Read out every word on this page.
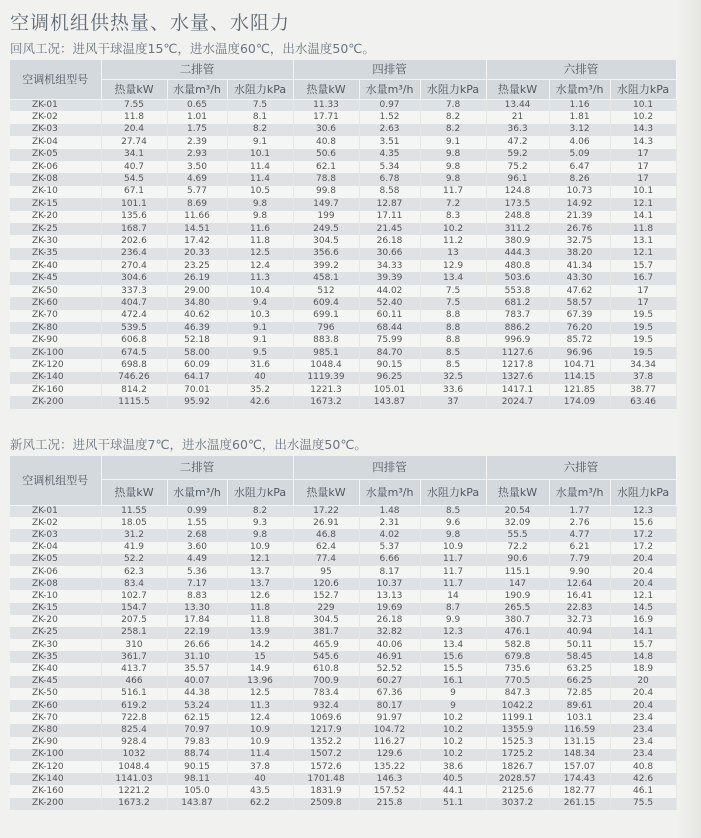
空调机组供热量、水量、水阻力
回风工况：进风干球温度15℃，进水温度60℃，出水温度50℃。
空调机组型号	二排管			四排管			六排管		
	热量kW	水量m³/h	水阻力kPa	热量kW	水量m³/h	水阻力kPa	热量kW	水量m³/h	水阻力kPa
ZK-01	7.55	0.65	7.5	11.33	0.97	7.8	13.44	1.16	10.1
ZK-02	11.8	1.01	8.1	17.71	1.52	8.2	21	1.81	10.2
ZK-03	20.4	1.75	8.2	30.6	2.63	8.2	36.3	3.12	14.3
ZK-04	27.74	2.39	9.1	40.8	3.51	9.1	47.2	4.06	14.3
ZK-05	34.1	2.93	10.1	50.6	4.35	9.8	59.2	5.09	17
ZK-06	40.7	3.50	11.4	62.1	5.34	9.8	75.2	6.47	17
ZK-08	54.5	4.69	11.4	78.8	6.78	9.8	96.1	8.26	17
ZK-10	67.1	5.77	10.5	99.8	8.58	11.7	124.8	10.73	10.1
ZK-15	101.1	8.69	9.8	149.7	12.87	7.2	173.5	14.92	12.1
ZK-20	135.6	11.66	9.8	199	17.11	8.3	248.8	21.39	14.1
ZK-25	168.7	14.51	11.6	249.5	21.45	10.2	311.2	26.76	11.8
ZK-30	202.6	17.42	11.8	304.5	26.18	11.2	380.9	32.75	13.1
ZK-35	236.4	20.33	12.5	356.6	30.66	13	444.3	38.20	12.1
ZK-40	270.4	23.25	12.4	399.2	34.33	12.9	480.8	41.34	15.7
ZK-45	304.6	26.19	11.3	458.1	39.39	13.4	503.6	43.30	16.7
ZK-50	337.3	29.00	10.4	512	44.02	7.5	553.8	47.62	17
ZK-60	404.7	34.80	9.4	609.4	52.40	7.5	681.2	58.57	17
ZK-70	472.4	40.62	10.3	699.1	60.11	8.8	783.7	67.39	19.5
ZK-80	539.5	46.39	9.1	796	68.44	8.8	886.2	76.20	19.5
ZK-90	606.8	52.18	9.1	883.8	75.99	8.8	996.9	85.72	19.5
ZK-100	674.5	58.00	9.5	985.1	84.70	8.5	1127.6	96.96	19.5
ZK-120	698.8	60.09	31.6	1048.4	90.15	8.5	1217.8	104.71	34.34
ZK-140	746.26	64.17	40	1119.39	96.25	32.5	1327.6	114.15	37.8
ZK-160	814.2	70.01	35.2	1221.3	105.01	33.6	1417.1	121.85	38.77
ZK-200	1115.5	95.92	42.6	1673.2	143.87	37	2024.7	174.09	63.46
新风工况：进风干球温度7℃，进水温度60℃，出水温度50℃。
空调机组型号	二排管			四排管			六排管		
	热量kW	水量m³/h	水阻力kPa	热量kW	水量m³/h	水阻力kPa	热量kW	水量m³/h	水阻力kPa
ZK-01	11.55	0.99	8.2	17.22	1.48	8.5	20.54	1.77	12.3
ZK-02	18.05	1.55	9.3	26.91	2.31	9.6	32.09	2.76	15.6
ZK-03	31.2	2.68	9.8	46.8	4.02	9.8	55.5	4.77	17.2
ZK-04	41.9	3.60	10.9	62.4	5.37	10.9	72.2	6.21	17.2
ZK-05	52.2	4.49	12.1	77.4	6.66	11.7	90.6	7.79	20.4
ZK-06	62.3	5.36	13.7	95	8.17	11.7	115.1	9.90	20.4
ZK-08	83.4	7.17	13.7	120.6	10.37	11.7	147	12.64	20.4
ZK-10	102.7	8.83	12.6	152.7	13.13	14	190.9	16.41	12.1
ZK-15	154.7	13.30	11.8	229	19.69	8.7	265.5	22.83	14.5
ZK-20	207.5	17.84	11.8	304.5	26.18	9.9	380.7	32.73	16.9
ZK-25	258.1	22.19	13.9	381.7	32.82	12.3	476.1	40.94	14.1
ZK-30	310	26.66	14.2	465.9	40.06	13.4	582.8	50.11	15.7
ZK-35	361.7	31.10	15	545.6	46.91	15.6	679.8	58.45	14.8
ZK-40	413.7	35.57	14.9	610.8	52.52	15.5	735.6	63.25	18.9
ZK-45	466	40.07	13.96	700.9	60.27	16.1	770.5	66.25	20
ZK-50	516.1	44.38	12.5	783.4	67.36	9	847.3	72.85	20.4
ZK-60	619.2	53.24	11.3	932.4	80.17	9	1042.2	89.61	20.4
ZK-70	722.8	62.15	12.4	1069.6	91.97	10.2	1199.1	103.1	23.4
ZK-80	825.4	70.97	10.9	1217.9	104.72	10.2	1355.9	116.59	23.4
ZK-90	928.4	79.83	10.9	1352.2	116.27	10.2	1525.3	131.15	23.4
ZK-100	1032	88.74	11.4	1507.2	129.6	10.2	1725.2	148.34	23.4
ZK-120	1048.4	90.15	37.8	1572.6	135.22	38.6	1826.7	157.07	40.8
ZK-140	1141.03	98.11	40	1701.48	146.3	40.5	2028.57	174.43	42.6
ZK-160	1221.2	105.0	43.5	1831.9	157.52	44.1	2125.6	182.77	46.1
ZK-200	1673.2	143.87	62.2	2509.8	215.8	51.1	3037.2	261.15	75.5
